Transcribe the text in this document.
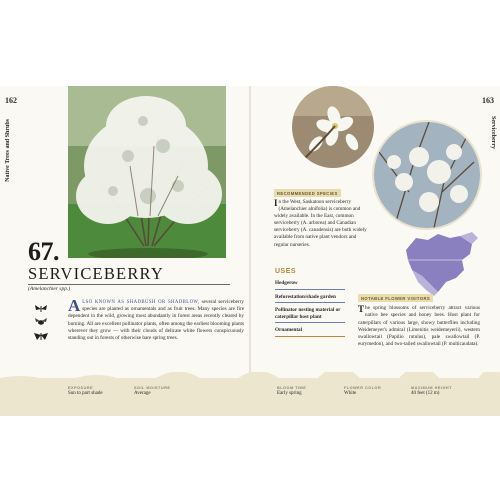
162	163
Native Trees and Shrubs	Serviceberry
67.
SERVICEBERRY
(Amelanchier spp.)
ALSO KNOWN AS SHADBUSH OR SHADBLOW, several serviceberry species are planted as ornamentals and as fruit trees. Many species are fire dependent in the wild, growing most abundantly in forest areas recently cleared by burning. All are excellent pollinator plants, often among the earliest blooming plants wherever they grow — with their clouds of delicate white flowers conspicuously standing out in forests of otherwise bare spring trees.
RECOMMENDED SPECIES
In the West, Saskatoon serviceberry (Amelanchier alnifolia) is common and widely available. In the East, common serviceberry (A. arborea) and Canadian serviceberry (A. canadensis) are both widely available from native plant vendors and regular nurseries.
USES
Hedgerow
Reforestation/shade garden
Pollinator nesting material or caterpillar host plant
Ornamental
NOTABLE FLOWER VISITORS
The spring blossoms of serviceberry attract various native bee species and honey bees. Host plant for caterpillars of various large, showy butterflies including Weidemeyer's admiral (Limenitis weidemeyerii), western swallowtail (Papilio rutulus), pale swallowtail (P. eurymedon), and two-tailed swallowtail (P. multicaudata).
EXPOSURE
Sun to part shade
SOIL MOISTURE
Average
BLOOM TIME
Early spring
FLOWER COLOR
White
MAXIMUM HEIGHT
40 feet (12 m)
